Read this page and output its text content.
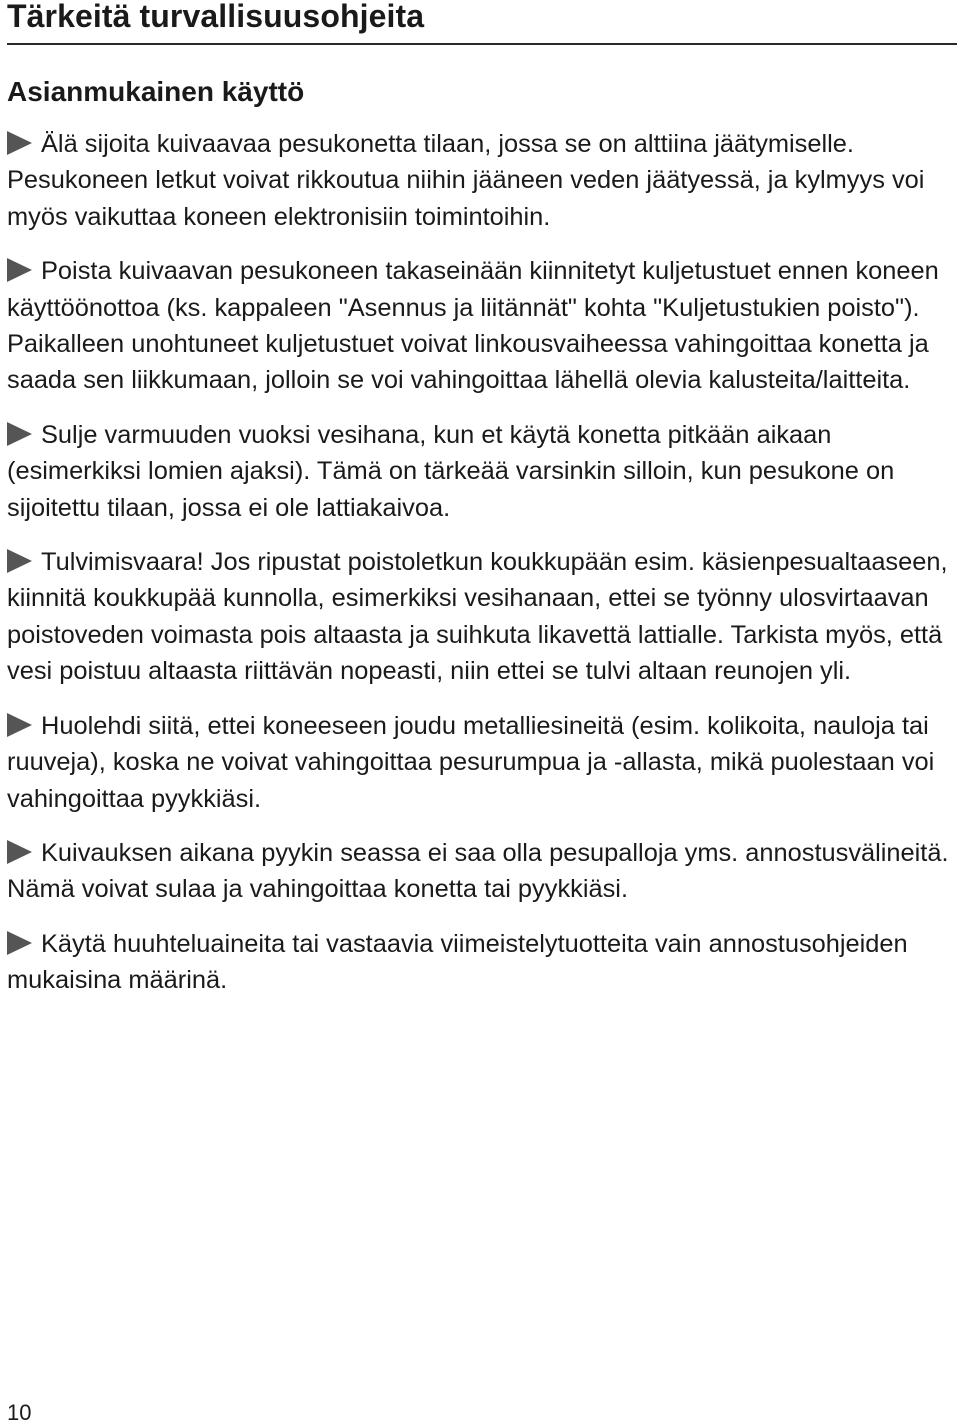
Tärkeitä turvallisuusohjeita
Asianmukainen käyttö

Älä sijoita kuivaavaa pesukonetta tilaan, jossa se on alttiina jäätymiselle. Pesukoneen letkut voivat rikkoutua niihin jääneen veden jäätyessä, ja kylmyys voi myös vaikuttaa koneen elektronisiin toimintoihin.

Poista kuivaavan pesukoneen takaseinään kiinnitetyt kuljetustuet ennen koneen käyttöönottoa (ks. kappaleen "Asennus ja liitännät" kohta "Kuljetustukien poisto"). Paikalleen unohtuneet kuljetustuet voivat linkousvaiheessa vahingoittaa konetta ja saada sen liikkumaan, jolloin se voi vahingoittaa lähellä olevia kalusteita/laitteita.

Sulje varmuuden vuoksi vesihana, kun et käytä konetta pitkään aikaan (esimerkiksi lomien ajaksi). Tämä on tärkeää varsinkin silloin, kun pesukone on sijoitettu tilaan, jossa ei ole lattiakaivoa.

Tulvimisvaara! Jos ripustat poistoletkun koukkupään esim. käsienpesualtaaseen, kiinnitä koukkupää kunnolla, esimerkiksi vesihanaan, ettei se työnny ulosvirtaavan poistoveden voimasta pois altaasta ja suihkuta likavettä lattialle. Tarkista myös, että vesi poistuu altaasta riittävän nopeasti, niin ettei se tulvi altaan reunojen yli.

Huolehdi siitä, ettei koneeseen joudu metalliesineitä (esim. kolikoita, nauloja tai ruuveja), koska ne voivat vahingoittaa pesurumpua ja -allasta, mikä puolestaan voi vahingoittaa pyykkiäsi.

Kuivauksen aikana pyykin seassa ei saa olla pesupalloja yms. annostusvälineitä. Nämä voivat sulaa ja vahingoittaa konetta tai pyykkiäsi.

Käytä huuhteluaineita tai vastaavia viimeistelytuotteita vain annostusohjeiden mukaisina määrinä.

10
